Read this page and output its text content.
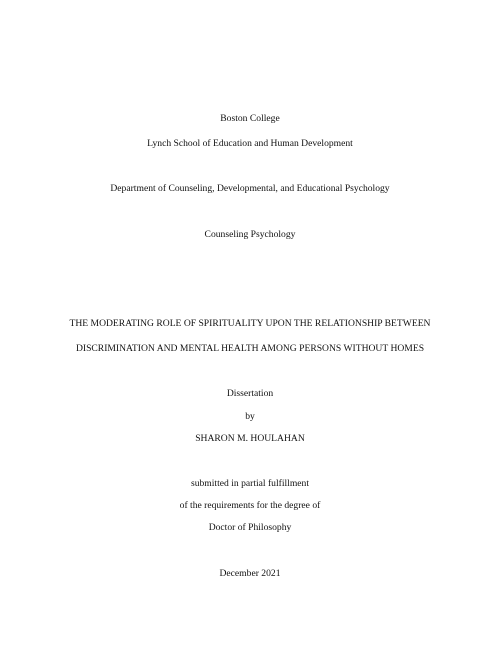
Boston College
Lynch School of Education and Human Development
Department of Counseling, Developmental, and Educational Psychology
Counseling Psychology
THE MODERATING ROLE OF SPIRITUALITY UPON THE RELATIONSHIP BETWEEN
DISCRIMINATION AND MENTAL HEALTH AMONG PERSONS WITHOUT HOMES
Dissertation
by
SHARON M. HOULAHAN
submitted in partial fulfillment
of the requirements for the degree of
Doctor of Philosophy
December 2021
